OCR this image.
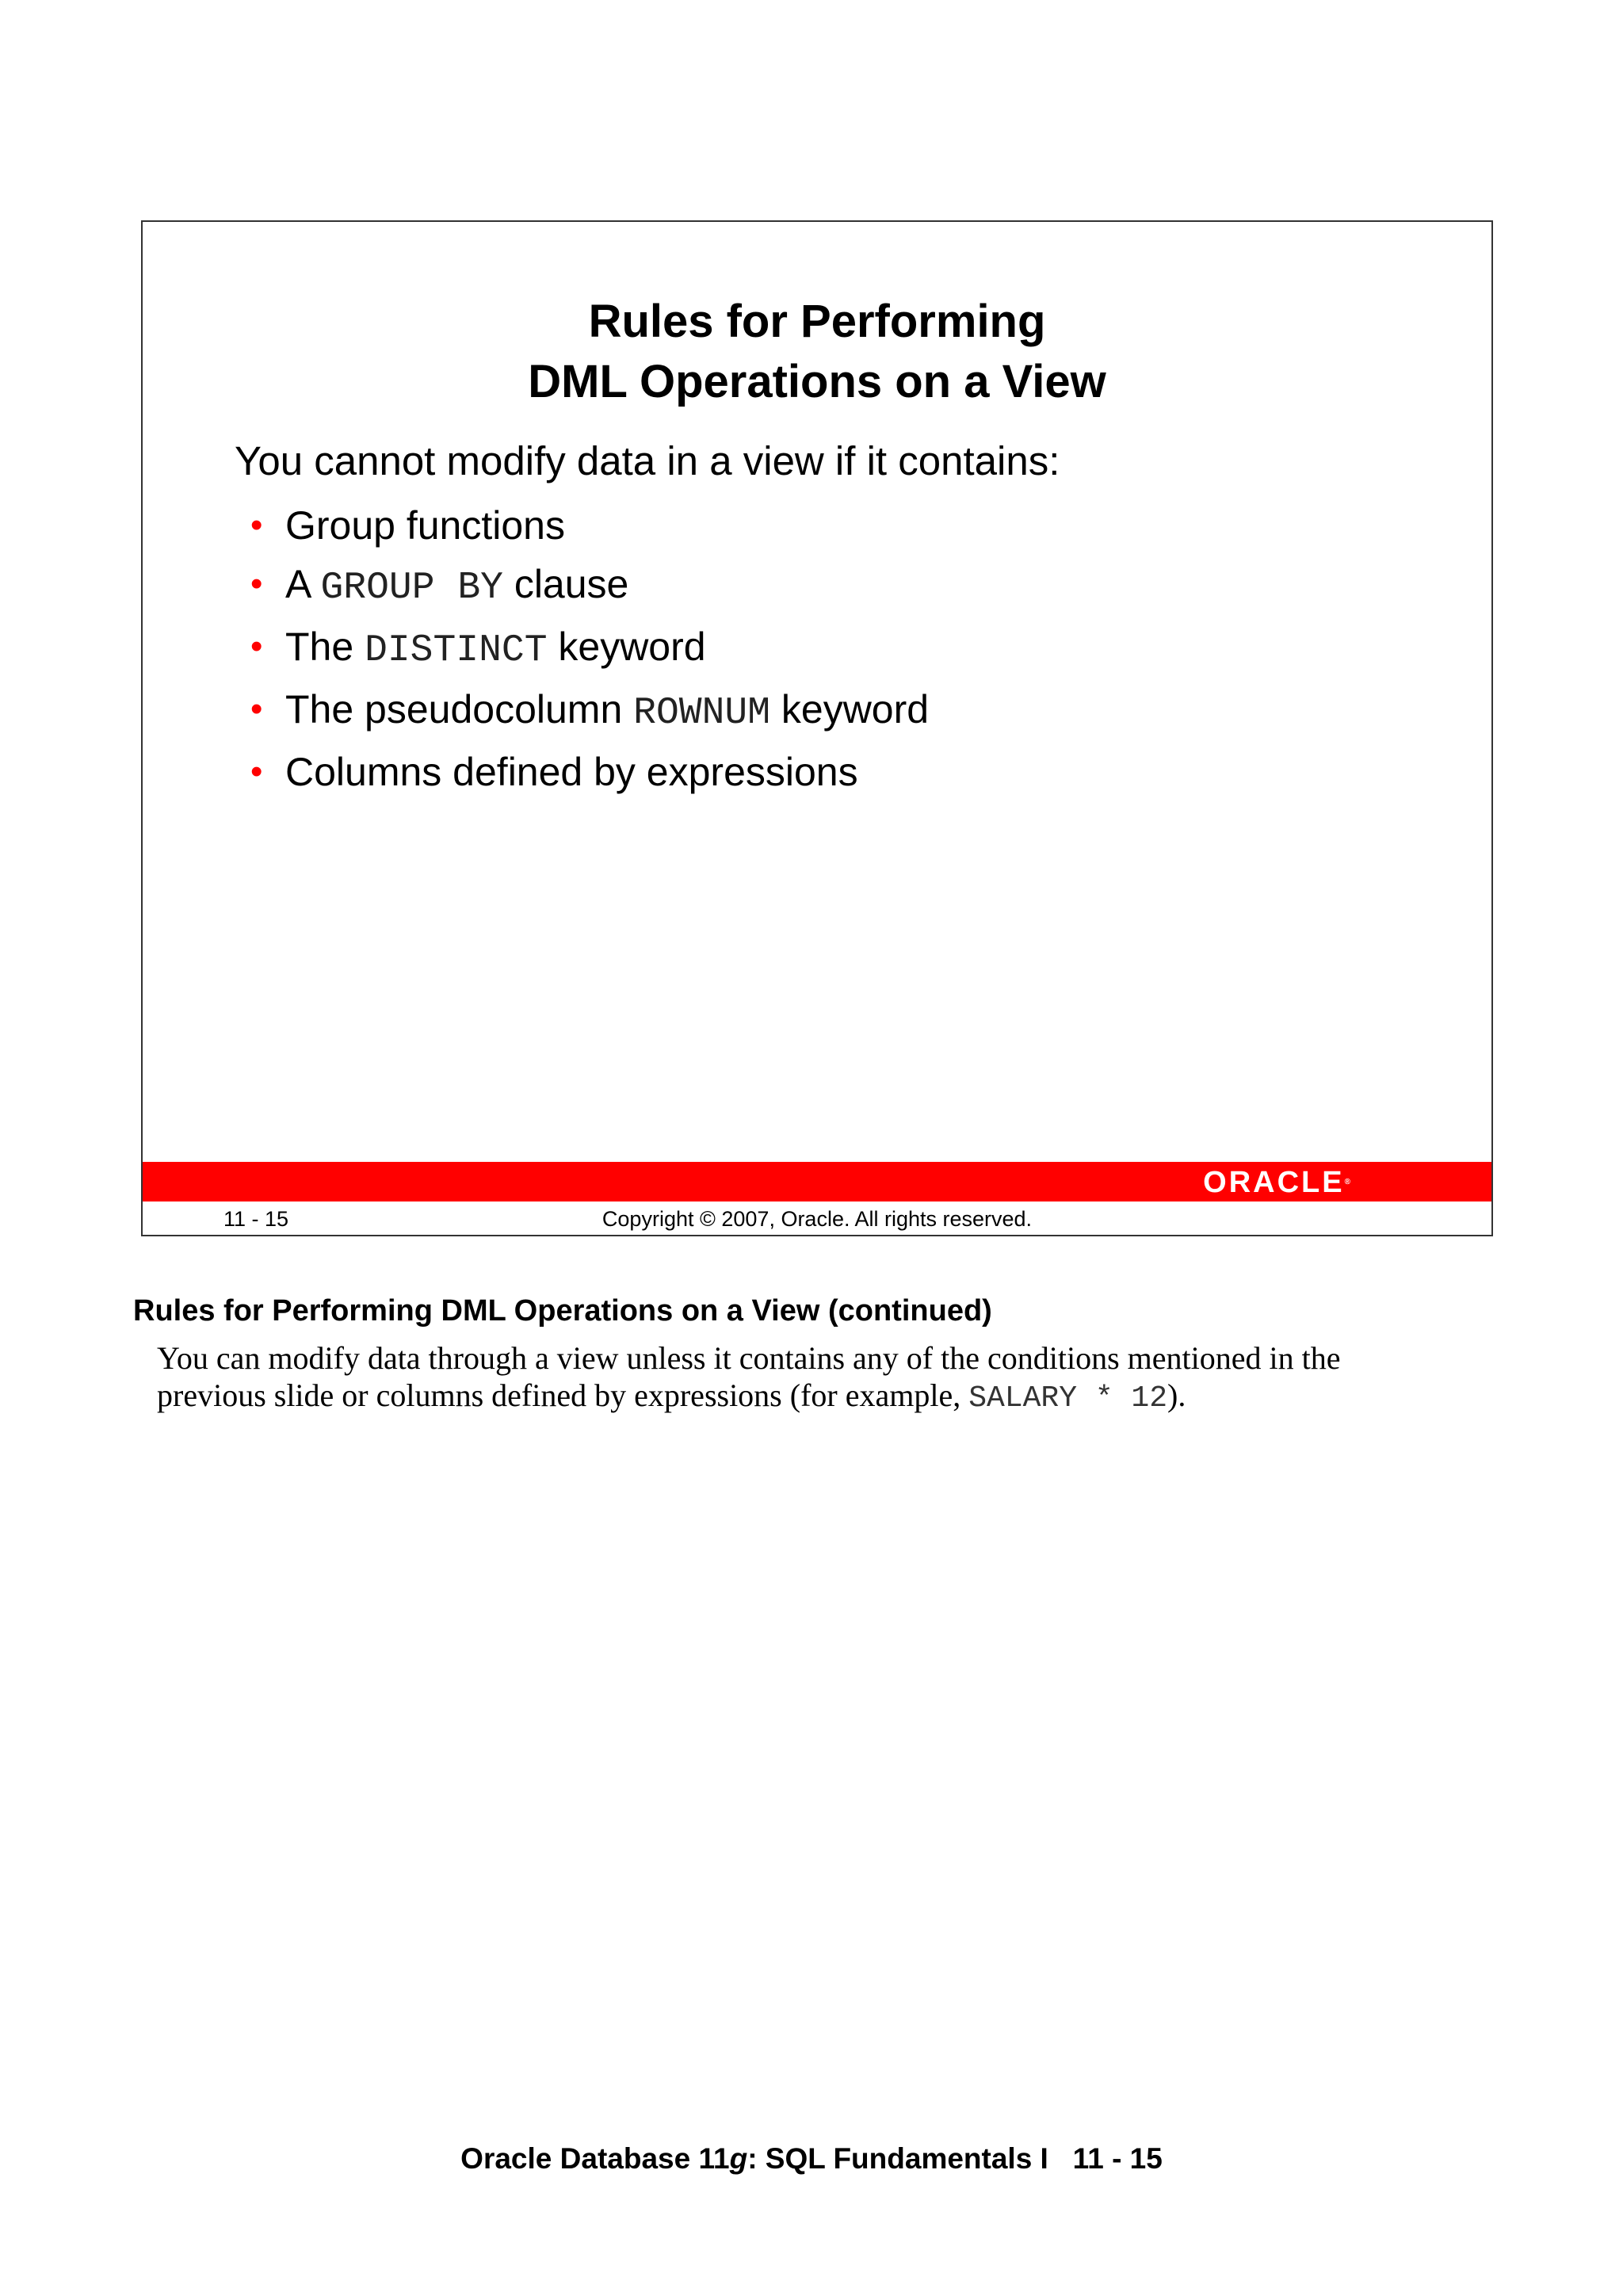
Rules for Performing
DML Operations on a View
You cannot modify data in a view if it contains:
• Group functions
• A GROUP BY clause
• The DISTINCT keyword
• The pseudocolumn ROWNUM keyword
• Columns defined by expressions
ORACLE®
11 - 15	Copyright © 2007, Oracle. All rights reserved.
Rules for Performing DML Operations on a View (continued)
You can modify data through a view unless it contains any of the conditions mentioned in the
previous slide or columns defined by expressions (for example, SALARY * 12).
Oracle Database 11g: SQL Fundamentals I   11 - 15
